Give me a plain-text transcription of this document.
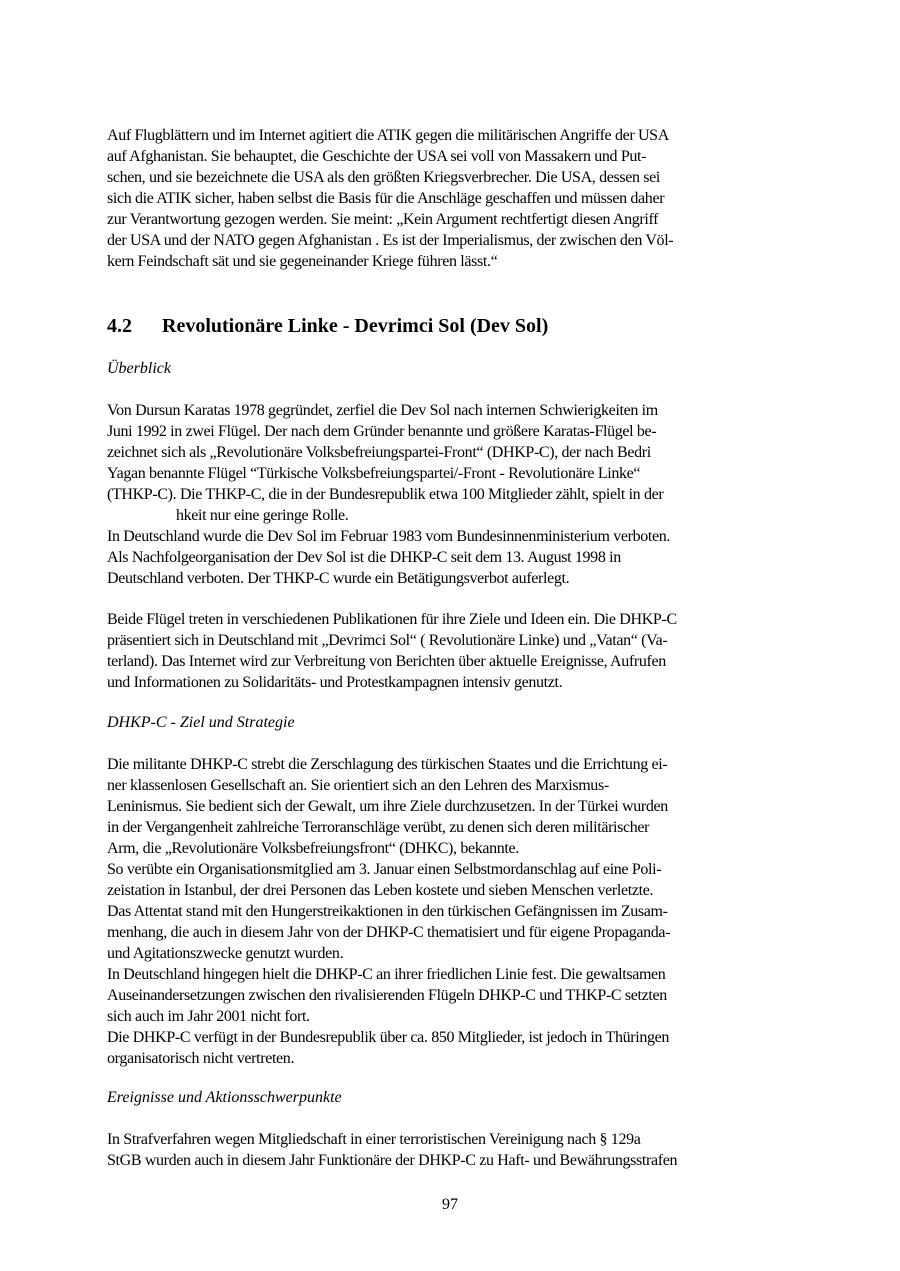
Auf Flugblättern und im Internet agitiert die ATIK gegen die militärischen Angriffe der USA
auf Afghanistan. Sie behauptet, die Geschichte der USA sei voll von Massakern und Put-
schen, und sie bezeichnete die USA als den größten Kriegsverbrecher. Die USA, dessen sei
sich die ATIK sicher, haben selbst die Basis für die Anschläge geschaffen und müssen daher
zur Verantwortung gezogen werden. Sie meint: „Kein Argument rechtfertigt diesen Angriff
der USA und der NATO gegen Afghanistan . Es ist der Imperialismus, der zwischen den Völ-
kern Feindschaft sät und sie gegeneinander Kriege führen lässt.“
4.2 Revolutionäre Linke - Devrimci Sol (Dev Sol)
Überblick
Von Dursun Karatas 1978 gegründet, zerfiel die Dev Sol nach internen Schwierigkeiten im
Juni 1992 in zwei Flügel. Der nach dem Gründer benannte und größere Karatas-Flügel be-
zeichnet sich als „Revolutionäre Volksbefreiungspartei-Front“ (DHKP-C), der nach Bedri
Yagan benannte Flügel “Türkische Volksbefreiungspartei/-Front - Revolutionäre Linke“
(THKP-C). Die THKP-C, die in der Bundesrepublik etwa 100 Mitglieder zählt, spielt in der
hkeit nur eine geringe Rolle.
In Deutschland wurde die Dev Sol im Februar 1983 vom Bundesinnenministerium verboten.
Als Nachfolgeorganisation der Dev Sol ist die DHKP-C seit dem 13. August 1998 in
Deutschland verboten. Der THKP-C wurde ein Betätigungsverbot auferlegt.
Beide Flügel treten in verschiedenen Publikationen für ihre Ziele und Ideen ein. Die DHKP-C
präsentiert sich in Deutschland mit „Devrimci Sol“ ( Revolutionäre Linke) und „Vatan“ (Va-
terland). Das Internet wird zur Verbreitung von Berichten über aktuelle Ereignisse, Aufrufen
und Informationen zu Solidaritäts- und Protestkampagnen intensiv genutzt.
DHKP-C - Ziel und Strategie
Die militante DHKP-C strebt die Zerschlagung des türkischen Staates und die Errichtung ei-
ner klassenlosen Gesellschaft an. Sie orientiert sich an den Lehren des Marxismus-
Leninismus. Sie bedient sich der Gewalt, um ihre Ziele durchzusetzen. In der Türkei wurden
in der Vergangenheit zahlreiche Terroranschläge verübt, zu denen sich deren militärischer
Arm, die „Revolutionäre Volksbefreiungsfront“ (DHKC), bekannte.
So verübte ein Organisationsmitglied am 3. Januar einen Selbstmordanschlag auf eine Poli-
zeistation in Istanbul, der drei Personen das Leben kostete und sieben Menschen verletzte.
Das Attentat stand mit den Hungerstreikaktionen in den türkischen Gefängnissen im Zusam-
menhang, die auch in diesem Jahr von der DHKP-C thematisiert und für eigene Propaganda-
und Agitationszwecke genutzt wurden.
In Deutschland hingegen hielt die DHKP-C an ihrer friedlichen Linie fest. Die gewaltsamen
Auseinandersetzungen zwischen den rivalisierenden Flügeln DHKP-C und THKP-C setzten
sich auch im Jahr 2001 nicht fort.
Die DHKP-C verfügt in der Bundesrepublik über ca. 850 Mitglieder, ist jedoch in Thüringen
organisatorisch nicht vertreten.
Ereignisse und Aktionsschwerpunkte
In Strafverfahren wegen Mitgliedschaft in einer terroristischen Vereinigung nach § 129a
StGB wurden auch in diesem Jahr Funktionäre der DHKP-C zu Haft- und Bewährungsstrafen
97
